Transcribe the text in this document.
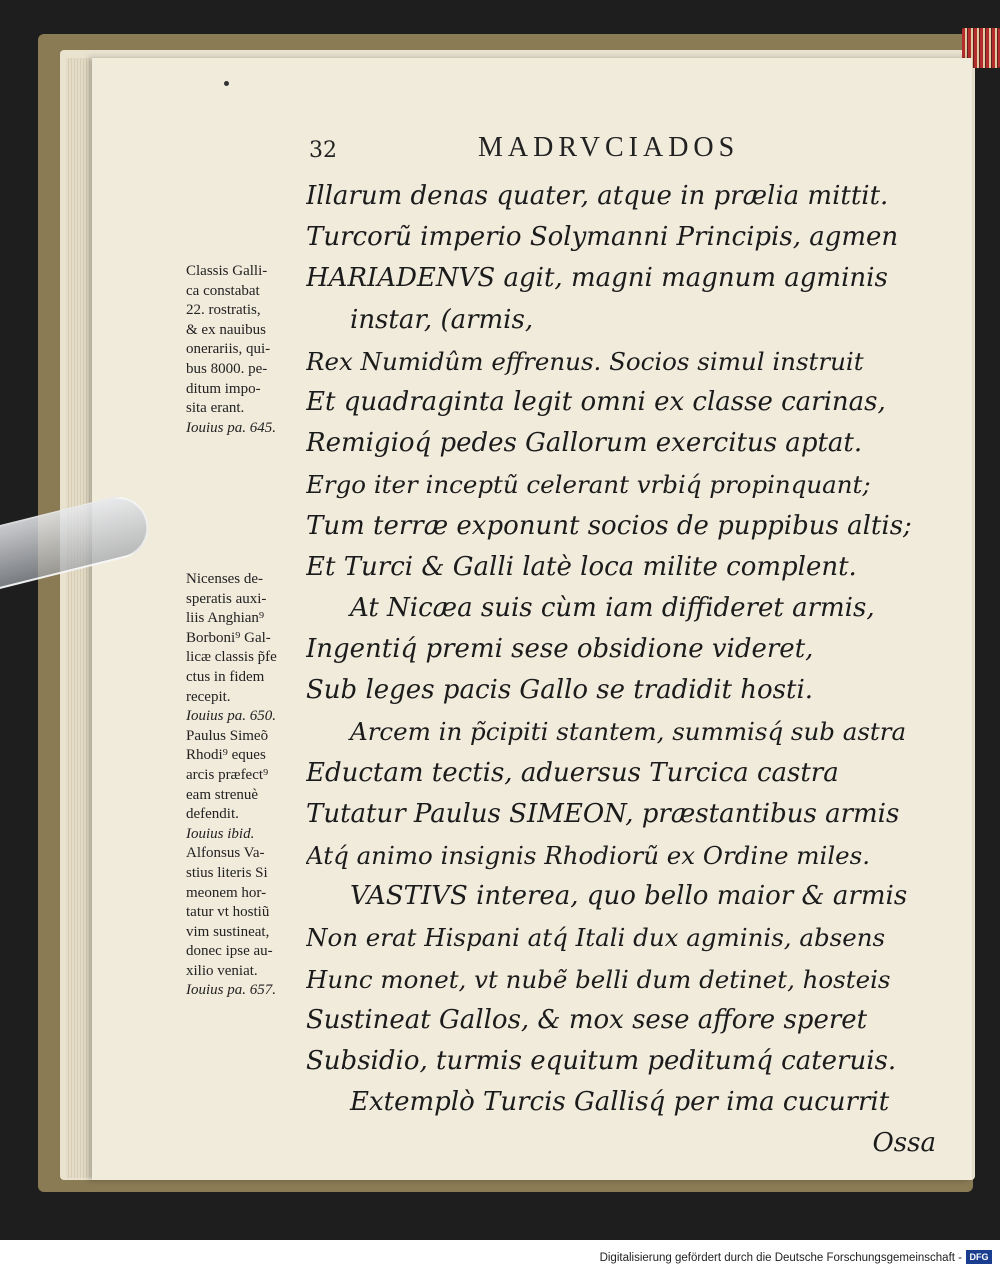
32	MADRVCIADOS
Classis Galli-
ca constabat
22. rostratis,
& ex nauibus
onerariis, qui-
bus 8000. pe-
ditum impo-
sita erant.
Iouius pa. 645.
Nicenses de-
speratis auxi-
liis Anghian⁹
Borboni⁹ Gal-
licæ classis p̃fe
ctus in fidem
recepit.
Iouius pa. 650.
Paulus Simeõ
Rhodi⁹ eques
arcis præfect⁹
eam strenuè
defendit.
Iouius ibid.
Alfonsus Va-
stius literis Si
meonem hor-
tatur vt hostiũ
vim sustineat,
donec ipse au-
xilio veniat.
Iouius pa. 657.
Illarum denas quater, atque in prælia mittit.
Turcorũ imperio Solymanni Principis, agmen
HARIADENVS agit, magni magnum agminis
instar, (armis,
Rex Numidûm effrenus. Socios simul instruit
Et quadraginta legit omni ex classe carinas,
Remigioq́ pedes Gallorum exercitus aptat.
Ergo iter inceptũ celerant vrbiq́ propinquant;
Tum terræ exponunt socios de puppibus altis;
Et Turci & Galli latè loca milite complent.
At Nicæa suis cùm iam diffideret armis,
Ingentiq́ premi sese obsidione videret,
Sub leges pacis Gallo se tradidit hosti.
Arcem in p̃cipiti stantem, summisq́ sub astra
Eductam tectis, aduersus Turcica castra
Tutatur Paulus SIMEON, præstantibus armis
Atq́ animo insignis Rhodiorũ ex Ordine miles.
VASTIVS interea, quo bello maior & armis
Non erat Hispani atq́ Itali dux agminis, absens
Hunc monet, vt nubẽ belli dum detinet, hosteis
Sustineat Gallos, & mox sese affore speret
Subsidio, turmis equitum peditumq́ cateruis.
Extemplò Turcis Gallisq́ per ima cucurrit
Ossa
Digitalisierung gefördert durch die Deutsche Forschungsgemeinschaft - DFG
